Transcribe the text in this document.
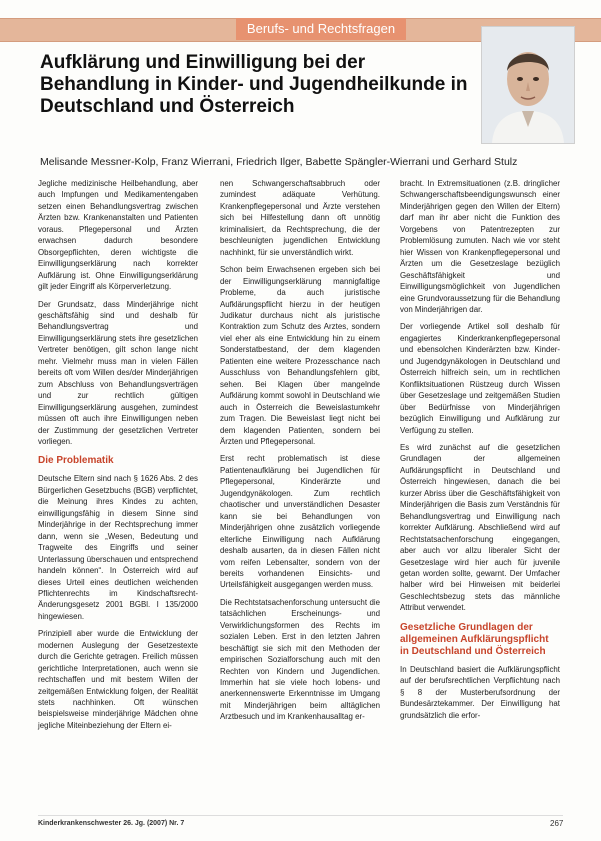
Berufs- und Rechtsfragen
Aufklärung und Einwilligung bei der Behandlung in Kinder- und Jugendheilkunde in Deutschland und Österreich
Melisande Messner-Kolp, Franz Wierrani, Friedrich Ilger, Babette Spängler-Wierrani und Gerhard Stulz

Jegliche medizinische Heilbehandlung, aber auch Impfungen und Medikamentengaben setzen einen Behandlungsvertrag zwischen Ärzten bzw. Krankenanstalten und Patienten voraus. Pflegepersonal und Ärzten erwachsen dadurch besondere Obsorgepflichten, deren wichtigste die Einwilligungserklärung nach korrekter Aufklärung ist. Ohne Einwilligungserklärung gilt jeder Eingriff als Körperverletzung.

Der Grundsatz, dass Minderjährige nicht geschäftsfähig sind und deshalb für Behandlungsvertrag und Einwilligungserklärung stets ihre gesetzlichen Vertreter benötigen, gilt schon lange nicht mehr. Vielmehr muss man in vielen Fällen bereits oft vom Willen des/der Minderjährigen zum Abschluss von Behandlungsverträgen und zur rechtlich gültigen Einwilligungserklärung ausgehen, zumindest müssen oft auch ihre Einwilligungen neben der Zustimmung der gesetzlichen Vertreter vorliegen.

Die Problematik

Deutsche Eltern sind nach § 1626 Abs. 2 des Bürgerlichen Gesetzbuchs (BGB) verpflichtet, die Meinung ihres Kindes zu achten, einwilligungsfähig in diesem Sinne sind Minderjährige in der Rechtsprechung immer dann, wenn sie „Wesen, Bedeutung und Tragweite des Eingriffs und seiner Unterlassung überschauen und entsprechend handeln können“. In Österreich wird auf dieses Urteil eines deutlichen weichenden Pflichtenrechts im Kindschaftsrecht-Änderungsgesetz 2001 BGBl. I 135/2000 hingewiesen.

Prinzipiell aber wurde die Entwicklung der modernen Auslegung der Gesetzestexte durch die Gerichte getragen. Freilich müssen gerichtliche Interpretationen, auch wenn sie rechtschaffen und mit bestem Willen der zeitgemäßen Entwicklung folgen, der Realität stets nachhinken. Oft wünschen beispielsweise minderjährige Mädchen ohne jegliche Miteinbeziehung der Eltern ei-

nen Schwangerschaftsabbruch oder zumindest adäquate Verhütung. Krankenpflegepersonal und Ärzte verstehen sich bei Hilfestellung dann oft unnötig kriminalisiert, da Rechtsprechung, die der beschleunigten jugendlichen Entwicklung nachhinkt, für sie unverständlich wirkt.

Schon beim Erwachsenen ergeben sich bei der Einwilligungserklärung mannigfaltige Probleme, da auch juristische Aufklärungspflicht hierzu in der heutigen Judikatur durchaus nicht als juristische Kontraktion zum Schutz des Arztes, sondern viel eher als eine Entwicklung hin zu einem Sonderstatbestand, der dem klagenden Patienten eine weitere Prozesschance nach Ausschluss von Behandlungsfehlern gibt, sehen. Bei Klagen über mangelnde Aufklärung kommt sowohl in Deutschland wie auch in Österreich die Beweislastumkehr zum Tragen. Die Beweislast liegt nicht bei dem klagenden Patienten, sondern bei Ärzten und Pflegepersonal.

Erst recht problematisch ist diese Patientenaufklärung bei Jugendlichen für Pflegepersonal, Kinderärzte und Jugendgynäkologen. Zum rechtlich chaotischer und unverständlichen Desaster kann sie bei Behandlungen von Minderjährigen ohne zusätzlich vorliegende elterliche Einwilligung nach Aufklärung deshalb ausarten, da in diesen Fällen nicht vom reifen Lebensalter, sondern von der bereits vorhandenen Einsichts- und Urteilsfähigkeit ausgegangen werden muss.

Die Rechtstatsachenforschung untersucht die tatsächlichen Erscheinungs- und Verwirklichungsformen des Rechts im sozialen Leben. Erst in den letzten Jahren beschäftigt sie sich mit den Methoden der empirischen Sozialforschung auch mit den Rechten von Kindern und Jugendlichen. Immerhin hat sie viele hoch lobens- und anerkennenswerte Erkenntnisse im Umgang mit Minderjährigen beim alltäglichen Arztbesuch und im Krankenhausalltag er-

bracht. In Extremsituationen (z.B. dringlicher Schwangerschaftsbeendigungswunsch einer Minderjährigen gegen den Willen der Eltern) darf man ihr aber nicht die Funktion des Vorgebens von Patentrezepten zur Problemlösung zumuten. Nach wie vor steht hier Wissen von Krankenpflegepersonal und Ärzten um die Gesetzeslage bezüglich Geschäftsfähigkeit und Einwilligungsmöglichkeit von Jugendlichen eine Grundvoraussetzung für die Behandlung von Minderjährigen dar.

Der vorliegende Artikel soll deshalb für engagiertes Kinderkrankenpflegepersonal und ebensolchen Kinderärzten bzw. Kinder- und Jugendgynäkologen in Deutschland und Österreich hilfreich sein, um in rechtlichen Konfliktsituationen Rüstzeug durch Wissen über Gesetzeslage und zeitgemäßen Studien über Bedürfnisse von Minderjährigen bezüglich Einwilligung und Aufklärung zur Verfügung zu stellen.

Es wird zunächst auf die gesetzlichen Grundlagen der allgemeinen Aufklärungspflicht in Deutschland und Österreich hingewiesen, danach die bei kurzer Abriss über die Geschäftsfähigkeit von Minderjährigen die Basis zum Verständnis für Behandlungsvertrag und Einwilligung nach korrekter Aufklärung. Abschließend wird auf Rechtstatsachenforschung eingegangen, aber auch vor allzu liberaler Sicht der Gesetzeslage wird hier auch für juvenile getan worden sollte, gewarnt. Der Umfacher halber wird bei Hinweisen mit beiderlei Geschlechtsbezug stets das männliche Attribut verwendet.

Gesetzliche Grundlagen der allgemeinen Aufklärungspflicht in Deutschland und Österreich

In Deutschland basiert die Aufklärungspflicht auf der berufsrechtlichen Verpflichtung nach § 8 der Musterberufsordnung der Bundesärztekammer. Der Einwilligung hat grundsätzlich die erfor-

Kinderkrankenschwester 26. Jg. (2007) Nr. 7	267
